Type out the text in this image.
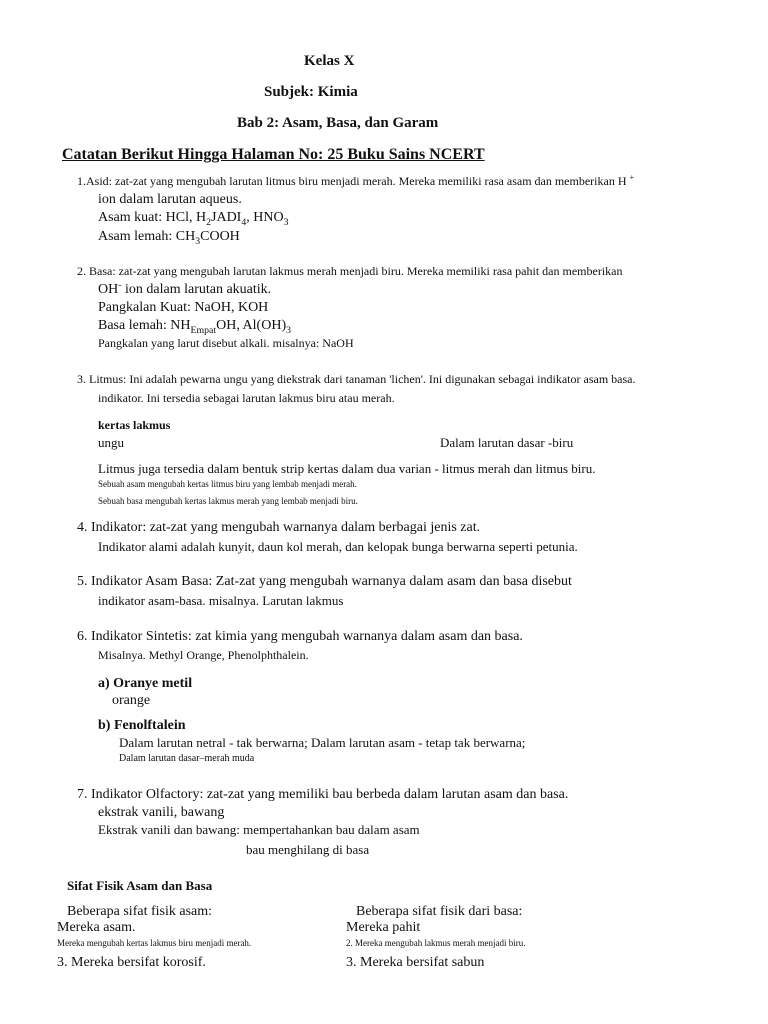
Kelas X
Subjek: Kimia
Bab 2: Asam, Basa, dan Garam
Catatan Berikut Hingga Halaman No: 25 Buku Sains NCERT
1.Asid: zat-zat yang mengubah larutan litmus biru menjadi merah. Mereka memiliki rasa asam dan memberikan H +
ion dalam larutan aqueus.
Asam kuat: HCl, $H_2JADI_4$, $HNO_3$
Asam lemah: $CH_3COOH$
2. Basa: zat-zat yang mengubah larutan lakmus merah menjadi biru. Mereka memiliki rasa pahit dan memberikan
OH- ion dalam larutan akuatik.
Pangkalan Kuat: NaOH, KOH
Basa lemah: $NH_{Empat}OH$, $Al(OH)_3$
Pangkalan yang larut disebut alkali. misalnya: NaOH
3. Litmus: Ini adalah pewarna ungu yang diekstrak dari tanaman 'lichen'. Ini digunakan sebagai indikator asam basa.
indikator. Ini tersedia sebagai larutan lakmus biru atau merah.
kertas lakmus
ungu	Dalam larutan dasar -biru
Litmus juga tersedia dalam bentuk strip kertas dalam dua varian - litmus merah dan litmus biru.
Sebuah asam mengubah kertas litmus biru yang lembab menjadi merah.
Sebuah basa mengubah kertas lakmus merah yang lembab menjadi biru.
4. Indikator: zat-zat yang mengubah warnanya dalam berbagai jenis zat.
Indikator alami adalah kunyit, daun kol merah, dan kelopak bunga berwarna seperti petunia.
5. Indikator Asam Basa: Zat-zat yang mengubah warnanya dalam asam dan basa disebut
indikator asam-basa. misalnya. Larutan lakmus
6. Indikator Sintetis: zat kimia yang mengubah warnanya dalam asam dan basa.
Misalnya. Methyl Orange, Phenolphthalein.
a) Oranye metil
orange
b) Fenolftalein
Dalam larutan netral - tak berwarna; Dalam larutan asam - tetap tak berwarna;
Dalam larutan dasar–merah muda
7. Indikator Olfactory: zat-zat yang memiliki bau berbeda dalam larutan asam dan basa.
ekstrak vanili, bawang
Ekstrak vanili dan bawang: mempertahankan bau dalam asam
bau menghilang di basa
Sifat Fisik Asam dan Basa
Beberapa sifat fisik asam:
Mereka asam.
Mereka mengubah kertas lakmus biru menjadi merah.
3. Mereka bersifat korosif.
Beberapa sifat fisik dari basa:
Mereka pahit
2. Mereka mengubah lakmus merah menjadi biru.
3. Mereka bersifat sabun
